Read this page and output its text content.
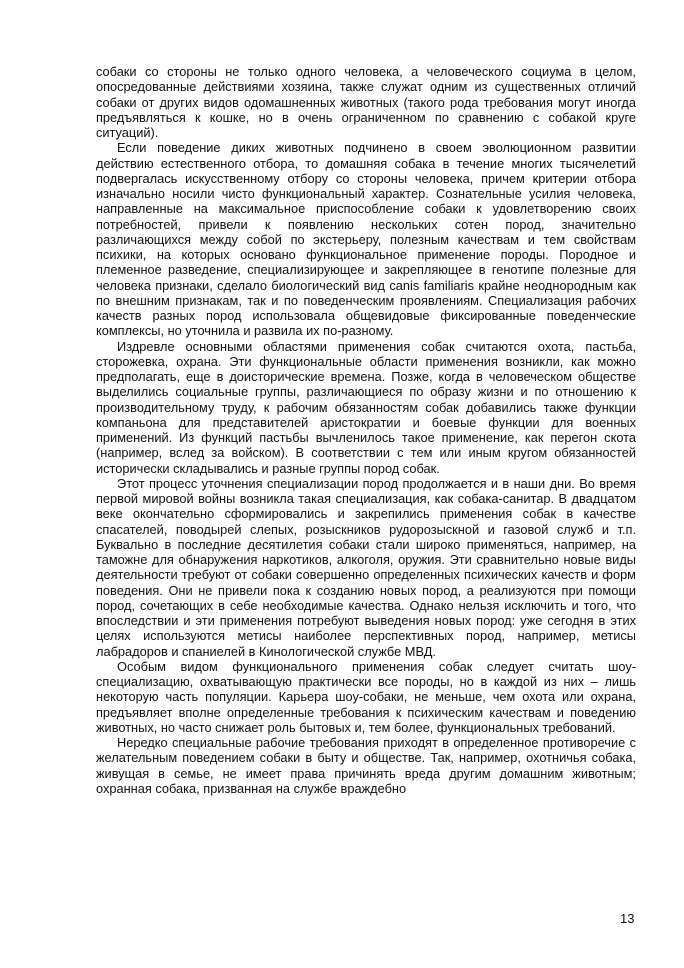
собаки со стороны не только одного человека, а человеческого социума в целом, опосредованные действиями хозяина, также служат одним из существенных отличий собаки от других видов одомашненных животных (такого рода требования могут иногда предъявляться к кошке, но в очень ограниченном по сравнению с собакой круге ситуаций).

Если поведение диких животных подчинено в своем эволюционном развитии действию естественного отбора, то домашняя собака в течение многих тысячелетий подвергалась искусственному отбору со стороны человека, причем критерии отбора изначально носили чисто функциональный характер. Сознательные усилия человека, направленные на максимальное приспособление собаки к удовлетворению своих потребностей, привели к появлению нескольких сотен пород, значительно различающихся между собой по экстерьеру, полезным качествам и тем свойствам психики, на которых основано функциональное применение породы. Породное и племенное разведение, специализирующее и закрепляющее в генотипе полезные для человека признаки, сделало биологический вид canis familiaris крайне неоднородным как по внешним признакам, так и по поведенческим проявлениям. Специализация рабочих качеств разных пород использовала общевидовые фиксированные поведенческие комплексы, но уточнила и развила их по-разному.

Издревле основными областями применения собак считаются охота, пастьба, сторожевка, охрана. Эти функциональные области применения возникли, как можно предполагать, еще в доисторические времена. Позже, когда в человеческом обществе выделились социальные группы, различающиеся по образу жизни и по отношению к производительному труду, к рабочим обязанностям собак добавились также функции компаньона для представителей аристократии и боевые функции для военных применений. Из функций пастьбы вычленилось такое применение, как перегон скота (например, вслед за войском). В соответствии с тем или иным кругом обязанностей исторически складывались и разные группы пород собак.

Этот процесс уточнения специализации пород продолжается и в наши дни. Во время первой мировой войны возникла такая специализация, как собака-санитар. В двадцатом веке окончательно сформировались и закрепились применения собак в качестве спасателей, поводырей слепых, розыскников рудорозыскной и газовой служб и т.п. Буквально в последние десятилетия собаки стали широко применяться, например, на таможне для обнаружения наркотиков, алкоголя, оружия. Эти сравнительно новые виды деятельности требуют от собаки совершенно определенных психических качеств и форм поведения. Они не привели пока к созданию новых пород, а реализуются при помощи пород, сочетающих в себе необходимые качества. Однако нельзя исключить и того, что впоследствии и эти применения потребуют выведения новых пород: уже сегодня в этих целях используются метисы наиболее перспективных пород, например, метисы лабрадоров и спаниелей в Кинологической службе МВД.

Особым видом функционального применения собак следует считать шоу-специализацию, охватывающую практически все породы, но в каждой из них – лишь некоторую часть популяции. Карьера шоу-собаки, не меньше, чем охота или охрана, предъявляет вполне определенные требования к психическим качествам и поведению животных, но часто снижает роль бытовых и, тем более, функциональных требований.

Нередко специальные рабочие требования приходят в определенное противоречие с желательным поведением собаки в быту и обществе. Так, например, охотничья собака, живущая в семье, не имеет права причинять вреда другим домашним животным; охранная собака, призванная на службе враждебно

13
